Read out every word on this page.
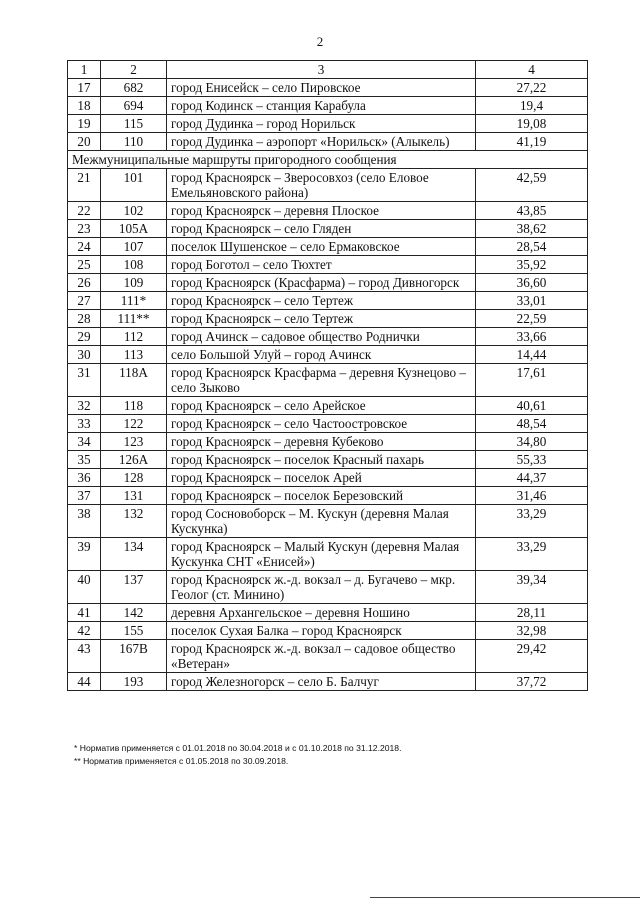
2
1	2	3	4
17	682	город Енисейск – село Пировское	27,22
18	694	город Кодинск – станция Карабула	19,4
19	115	город Дудинка – город Норильск	19,08
20	110	город Дудинка – аэропорт «Норильск» (Алыкель)	41,19
Межмуниципальные маршруты пригородного сообщения			
21	101	город Красноярск – Зверосовхоз (село Еловое Емельяновского района)	42,59
22	102	город Красноярск – деревня Плоское	43,85
23	105А	город Красноярск – село Гляден	38,62
24	107	поселок Шушенское – село Ермаковское	28,54
25	108	город Боготол – село Тюхтет	35,92
26	109	город Красноярск (Красфарма) – город Дивногорск	36,60
27	111*	город Красноярск – село Тертеж	33,01
28	111**	город Красноярск – село Тертеж	22,59
29	112	город Ачинск – садовое общество Роднички	33,66
30	113	село Большой Улуй – город Ачинск	14,44
31	118А	город Красноярск Красфарма – деревня Кузнецово – село Зыково	17,61
32	118	город Красноярск – село Арейское	40,61
33	122	город Красноярск – село Частоостровское	48,54
34	123	город Красноярск – деревня Кубеково	34,80
35	126А	город Красноярск – поселок Красный пахарь	55,33
36	128	город Красноярск – поселок Арей	44,37
37	131	город Красноярск – поселок Березовский	31,46
38	132	город Сосновоборск – М. Кускун (деревня Малая Кускунка)	33,29
39	134	город Красноярск – Малый Кускун (деревня Малая Кускунка СНТ «Енисей»)	33,29
40	137	город Красноярск ж.-д. вокзал – д. Бугачево – мкр. Геолог (ст. Минино)	39,34
41	142	деревня Архангельское – деревня Ношино	28,11
42	155	поселок Сухая Балка – город Красноярск	32,98
43	167В	город Красноярск ж.-д. вокзал – садовое общество «Ветеран»	29,42
44	193	город Железногорск – село Б. Балчуг	37,72
* Норматив применяется с 01.01.2018 по 30.04.2018 и с 01.10.2018 по 31.12.2018.
** Норматив применяется с 01.05.2018 по 30.09.2018.
